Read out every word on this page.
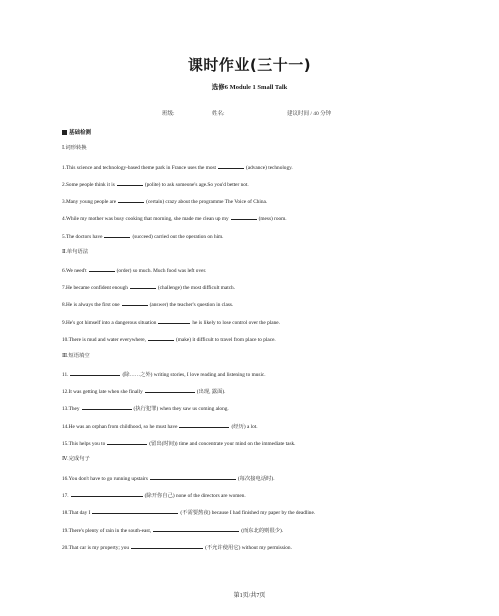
课时作业(三十一)
选修6 Module 1 Small Talk
班级:	姓名:	建议时间 / 40 分钟
基础检测
Ⅰ.词形转换
1.This science and technology-based theme park in France uses the most	(advance) technology.
2.Some people think it is	(polite) to ask someone's age.So you'd better not.
3.Many young people are	(certain) crazy about the programme The Voice of China.
4.While my mother was busy cooking that morning, she made me clean up my	(mess) room.
5.The doctors have	(succeed) carried out the operation on him.
Ⅱ.单句语法
6.We need't	(order) so much. Much food was left over.
7.He became confident enough	(challenge) the most difficult match.
8.He is always the first one	(answer) the teacher's question in class.
9.He's got himself into a dangerous situation	he is likely to lose control over the plane.
10.There is mud and water everywhere,	(make) it difficult to travel from place to place.
Ⅲ.短语填空
11.	(除……之外) writing stories, I love reading and listening to music.
12.It was getting late when she finally	(出现, 露面).
13.They	(执行犯罪) when they saw us coming along.
14.He was an orphan from childhood, so he must have	(经历) a lot.
15.This helps you to	(留出(时间)) time and concentrate your mind on the immediate task.
Ⅳ.完成句子
16.You don't have to go running upstairs	(每次接电话时).
17.	(除开你自己) none of the directors are women.
18.That day I	(不需要熬夜) because I had finished my paper by the deadline.
19.There's plenty of rain in the south-east,	(而东北的则很少).
20.That car is my property; you	(不允许使用它) without my permission.
第1页/共7页
